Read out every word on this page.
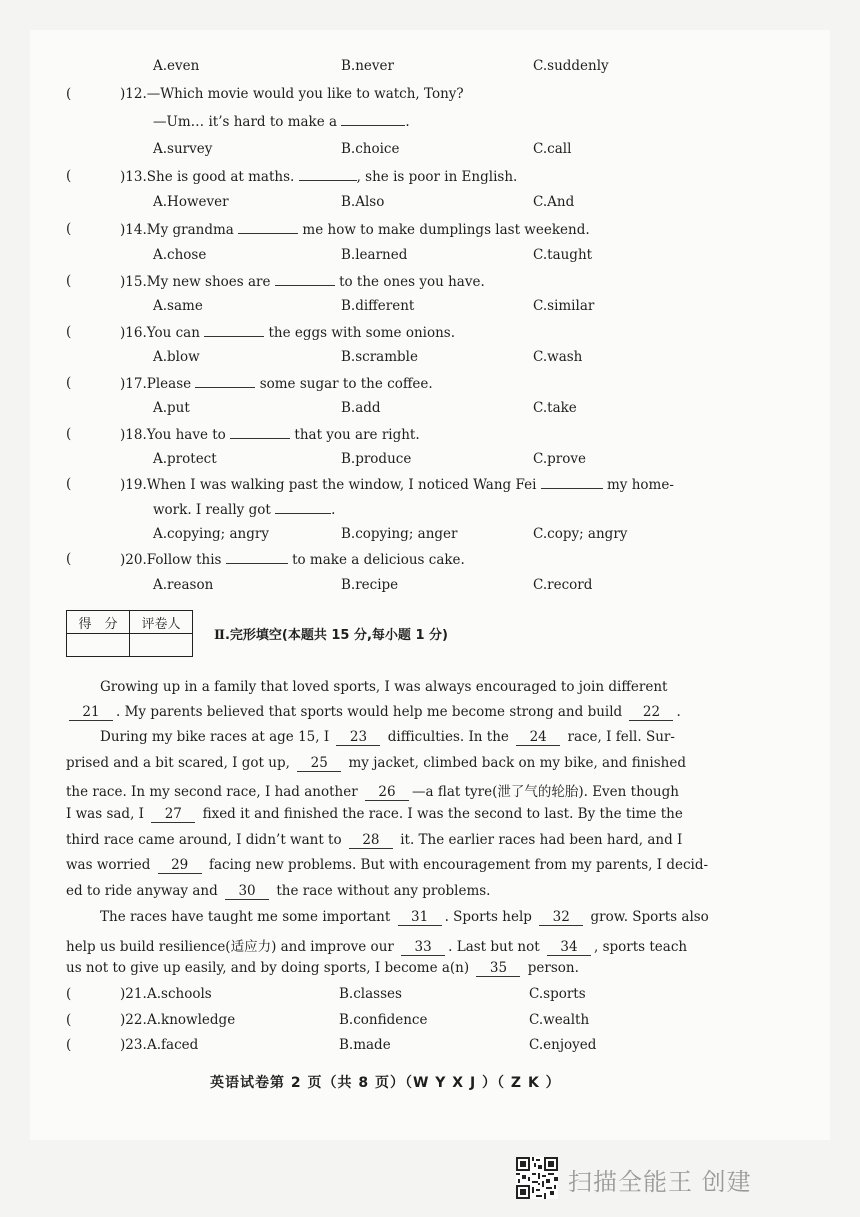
A.even	B.never	C.suddenly
(	)12.—Which movie would you like to watch, Tony?
—Um… it’s hard to make a	.
A.survey	B.choice	C.call
(	)13.She is good at maths.	, she is poor in English.
A.However	B.Also	C.And
(	)14.My grandma	me how to make dumplings last weekend.
A.chose	B.learned	C.taught
(	)15.My new shoes are	to the ones you have.
A.same	B.different	C.similar
(	)16.You can	the eggs with some onions.
A.blow	B.scramble	C.wash
(	)17.Please	some sugar to the coffee.
A.put	B.add	C.take
(	)18.You have to	that you are right.
A.protect	B.produce	C.prove
(	)19.When I was walking past the window, I noticed Wang Fei	my home-
work. I really got	.
A.copying; angry	B.copying; anger	C.copy; angry
(	)20.Follow this	to make a delicious cake.
A.reason	B.recipe	C.record
得　分	评卷人

Ⅱ.完形填空(本题共 15 分,每小题 1 分)
Growing up in a family that loved sports, I was always encouraged to join different
21 . My parents believed that sports would help me become strong and build 22 .
During my bike races at age 15, I 23 difficulties. In the 24 race, I fell. Sur-
prised and a bit scared, I got up, 25 my jacket, climbed back on my bike, and finished
the race. In my second race, I had another 26 —a flat tyre(泄了气的轮胎). Even though
I was sad, I 27 fixed it and finished the race. I was the second to last. By the time the
third race came around, I didn’t want to 28 it. The earlier races had been hard, and I
was worried 29 facing new problems. But with encouragement from my parents, I decid-
ed to ride anyway and 30 the race without any problems.
The races have taught me some important 31 . Sports help 32 grow. Sports also
help us build resilience(适应力) and improve our 33 . Last but not 34 , sports teach
us not to give up easily, and by doing sports, I become a(n) 35 person.
(	)21. A.schools	B.classes	C.sports
(	)22. A.knowledge	B.confidence	C.wealth
(	)23. A.faced	B.made	C.enjoyed
英语试卷第 2 页（共 8 页）（W Y X J ）（ Z K ）
扫描全能王 创建
